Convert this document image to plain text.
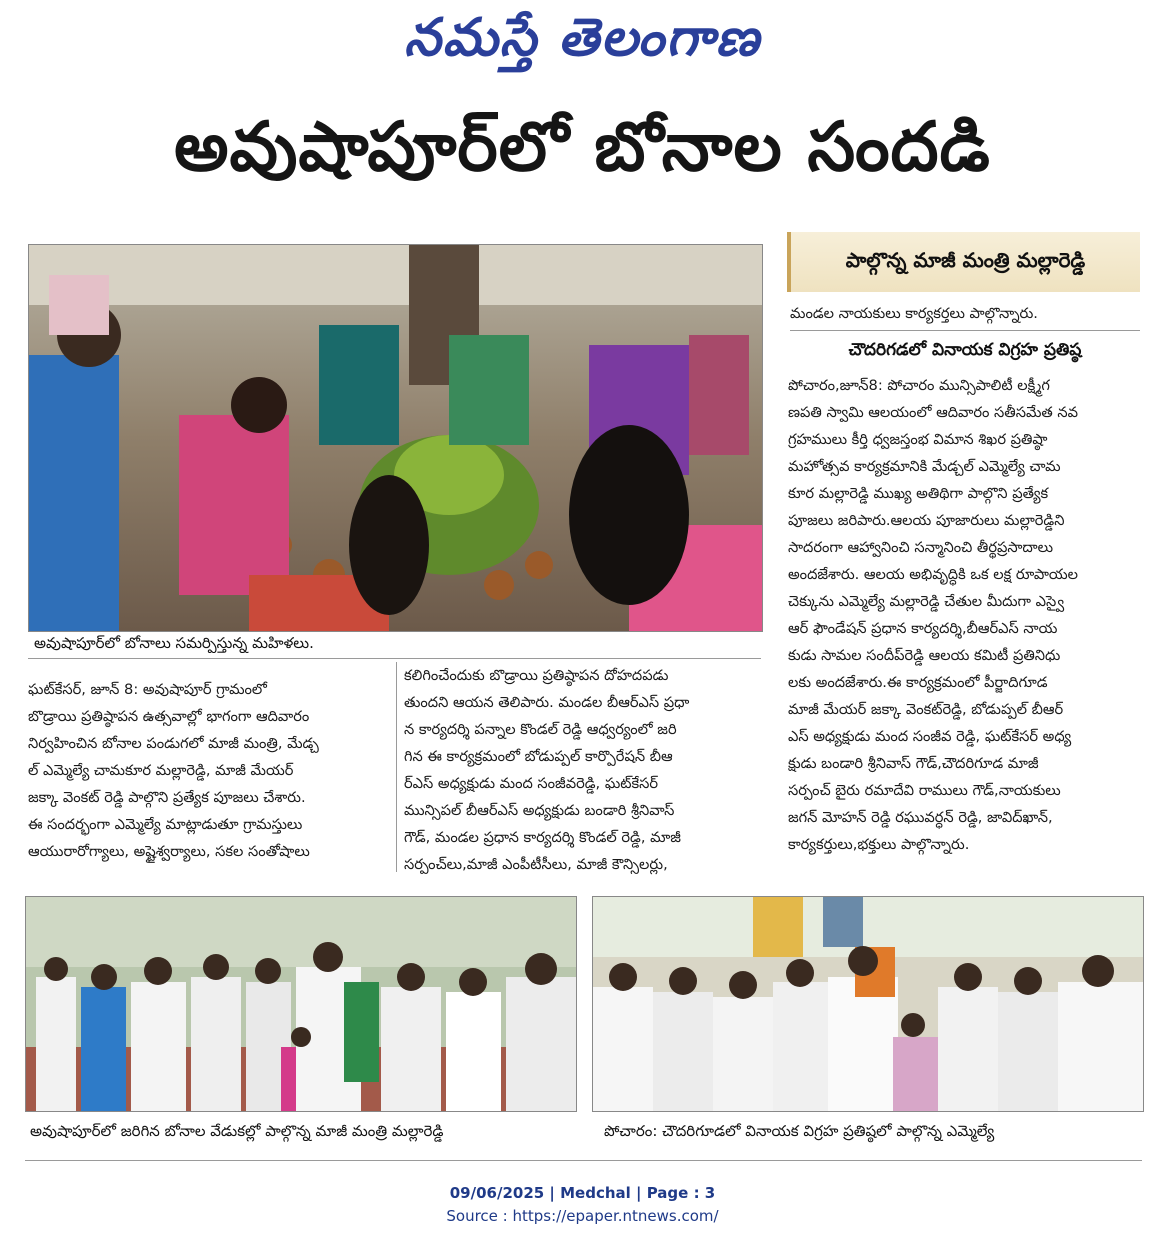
నమస్తే తెలంగాణ
అవుషాపూర్‌లో బోనాల సందడి
అవుషాపూర్‌లో బోనాలు సమర్పిస్తున్న మహిళలు.
పాల్గొన్న మాజీ మంత్రి మల్లారెడ్డి
మండల నాయకులు కార్యకర్తలు పాల్గొన్నారు.
చౌదరిగడలో వినాయక విగ్రహ ప్రతిష్ఠ

పోచారం,జూన్8: పోచారం మున్సిపాలిటీ లక్ష్మీగ

ణపతి స్వామి ఆలయంలో ఆదివారం సతీసమేత నవ

గ్రహములు కీర్తి ధ్వజస్తంభ విమాన శిఖర ప్రతిష్ఠా

మహోత్సవ కార్యక్రమానికి మేడ్చల్ ఎమ్మెల్యే చామ

కూర మల్లారెడ్డి ముఖ్య అతిథిగా పాల్గొని ప్రత్యేక

పూజలు జరిపారు.ఆలయ పూజారులు మల్లారెడ్డిని

సాదరంగా ఆహ్వానించి సన్మానించి తీర్థప్రసాదాలు

అందజేశారు. ఆలయ అభివృద్ధికి ఒక లక్ష రూపాయల

చెక్కును ఎమ్మెల్యే మల్లారెడ్డి చేతుల మీదుగా ఎస్వై

ఆర్ ఫౌండేషన్ ప్రధాన కార్యదర్శి,బీఆర్ఎస్ నాయ

కుడు సామల సందీప్‌రెడ్డి ఆలయ కమిటీ ప్రతినిధు

లకు అందజేశారు.ఈ కార్యక్రమంలో పీర్జాదిగూడ

మాజీ మేయర్ జక్కా వెంకట్‌రెడ్డి, బోడుప్పల్ బీఆర్

ఎస్ అధ్యక్షుడు మంద సంజీవ రెడ్డి, ఘట్‌కేసర్ అధ్య

క్షుడు బండారి శ్రీనివాస్ గౌడ్,చౌదరిగూడ మాజీ

సర్పంచ్ బైరు రమాదేవి రాములు గౌడ్,నాయకులు

జగన్ మోహన్ రెడ్డి రఘువర్ధన్ రెడ్డి, జావిద్‌ఖాన్,

కార్యకర్తులు,భక్తులు పాల్గొన్నారు.

ఘట్‌కేసర్, జూన్ 8: అవుషాపూర్ గ్రామంలో

బొడ్రాయి ప్రతిష్ఠాపన ఉత్సవాల్లో భాగంగా ఆదివారం

నిర్వహించిన బోనాల పండుగలో మాజీ మంత్రి, మేడ్చ

ల్ ఎమ్మెల్యే చామకూర మల్లారెడ్డి, మాజీ మేయర్

జక్కా వెంకట్ రెడ్డి పాల్గొని ప్రత్యేక పూజలు చేశారు.

ఈ సందర్భంగా ఎమ్మెల్యే మాట్లాడుతూ గ్రామస్తులు

ఆయురారోగ్యాలు, అష్టైశ్వర్యాలు, సకల సంతోషాలు

కలిగించేందుకు బొడ్రాయి ప్రతిష్ఠాపన దోహదపడు

తుందని ఆయన తెలిపారు. మండల బీఆర్ఎస్ ప్రధా

న కార్యదర్శి పన్నాల కొండల్ రెడ్డి ఆధ్వర్యంలో జరి

గిన ఈ కార్యక్రమంలో బోడుప్పల్ కార్పొరేషన్ బీఆ

ర్ఎస్ అధ్యక్షుడు మంద సంజీవరెడ్డి, ఘట్‌కేసర్

మున్సిపల్ బీఆర్ఎస్ అధ్యక్షుడు బండారి శ్రీనివాస్

గౌడ్, మండల ప్రధాన కార్యదర్శి కొండల్ రెడ్డి, మాజీ

సర్పంచ్‌లు,మాజీ ఎంపీటీసీలు, మాజీ కౌన్సిలర్లు,

అవుషాపూర్‌లో జరిగిన బోనాల వేడుకల్లో పాల్గొన్న మాజీ మంత్రి మల్లారెడ్డి	పోచారం: చౌదరిగూడలో వినాయక విగ్రహ ప్రతిష్ఠలో పాల్గొన్న ఎమ్మెల్యే
09/06/2025 | Medchal | Page : 3
Source : https://epaper.ntnews.com/
